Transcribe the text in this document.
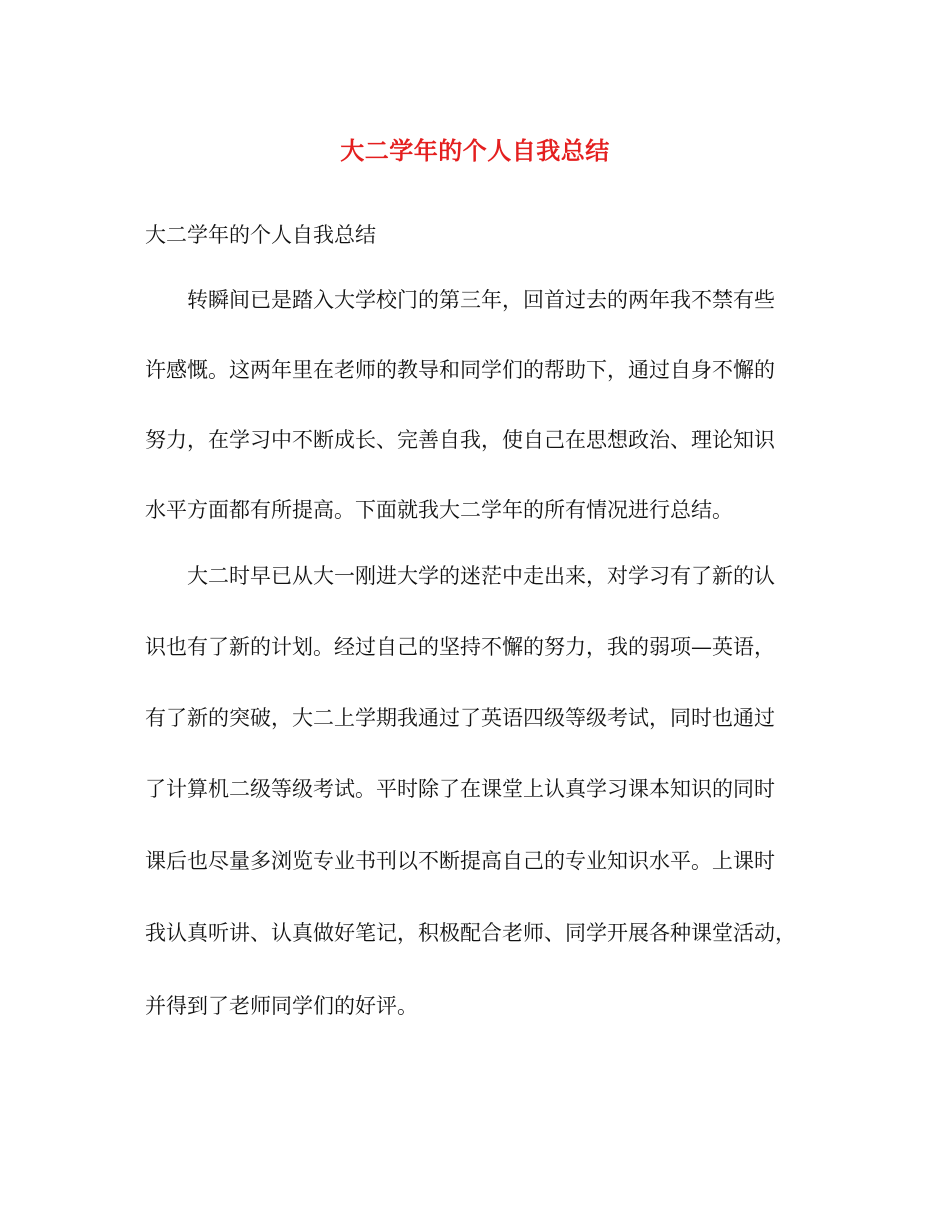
大二学年的个人自我总结
大二学年的个人自我总结
转瞬间已是踏入大学校门的第三年，回首过去的两年我不禁有些
许感慨。这两年里在老师的教导和同学们的帮助下，通过自身不懈的
努力，在学习中不断成长、完善自我，使自己在思想政治、理论知识
水平方面都有所提高。下面就我大二学年的所有情况进行总结。
大二时早已从大一刚进大学的迷茫中走出来，对学习有了新的认
识也有了新的计划。经过自己的坚持不懈的努力，我的弱项—英语，
有了新的突破，大二上学期我通过了英语四级等级考试，同时也通过
了计算机二级等级考试。平时除了在课堂上认真学习课本知识的同时
课后也尽量多浏览专业书刊以不断提高自己的专业知识水平。上课时
我认真听讲、认真做好笔记，积极配合老师、同学开展各种课堂活动，
并得到了老师同学们的好评。
